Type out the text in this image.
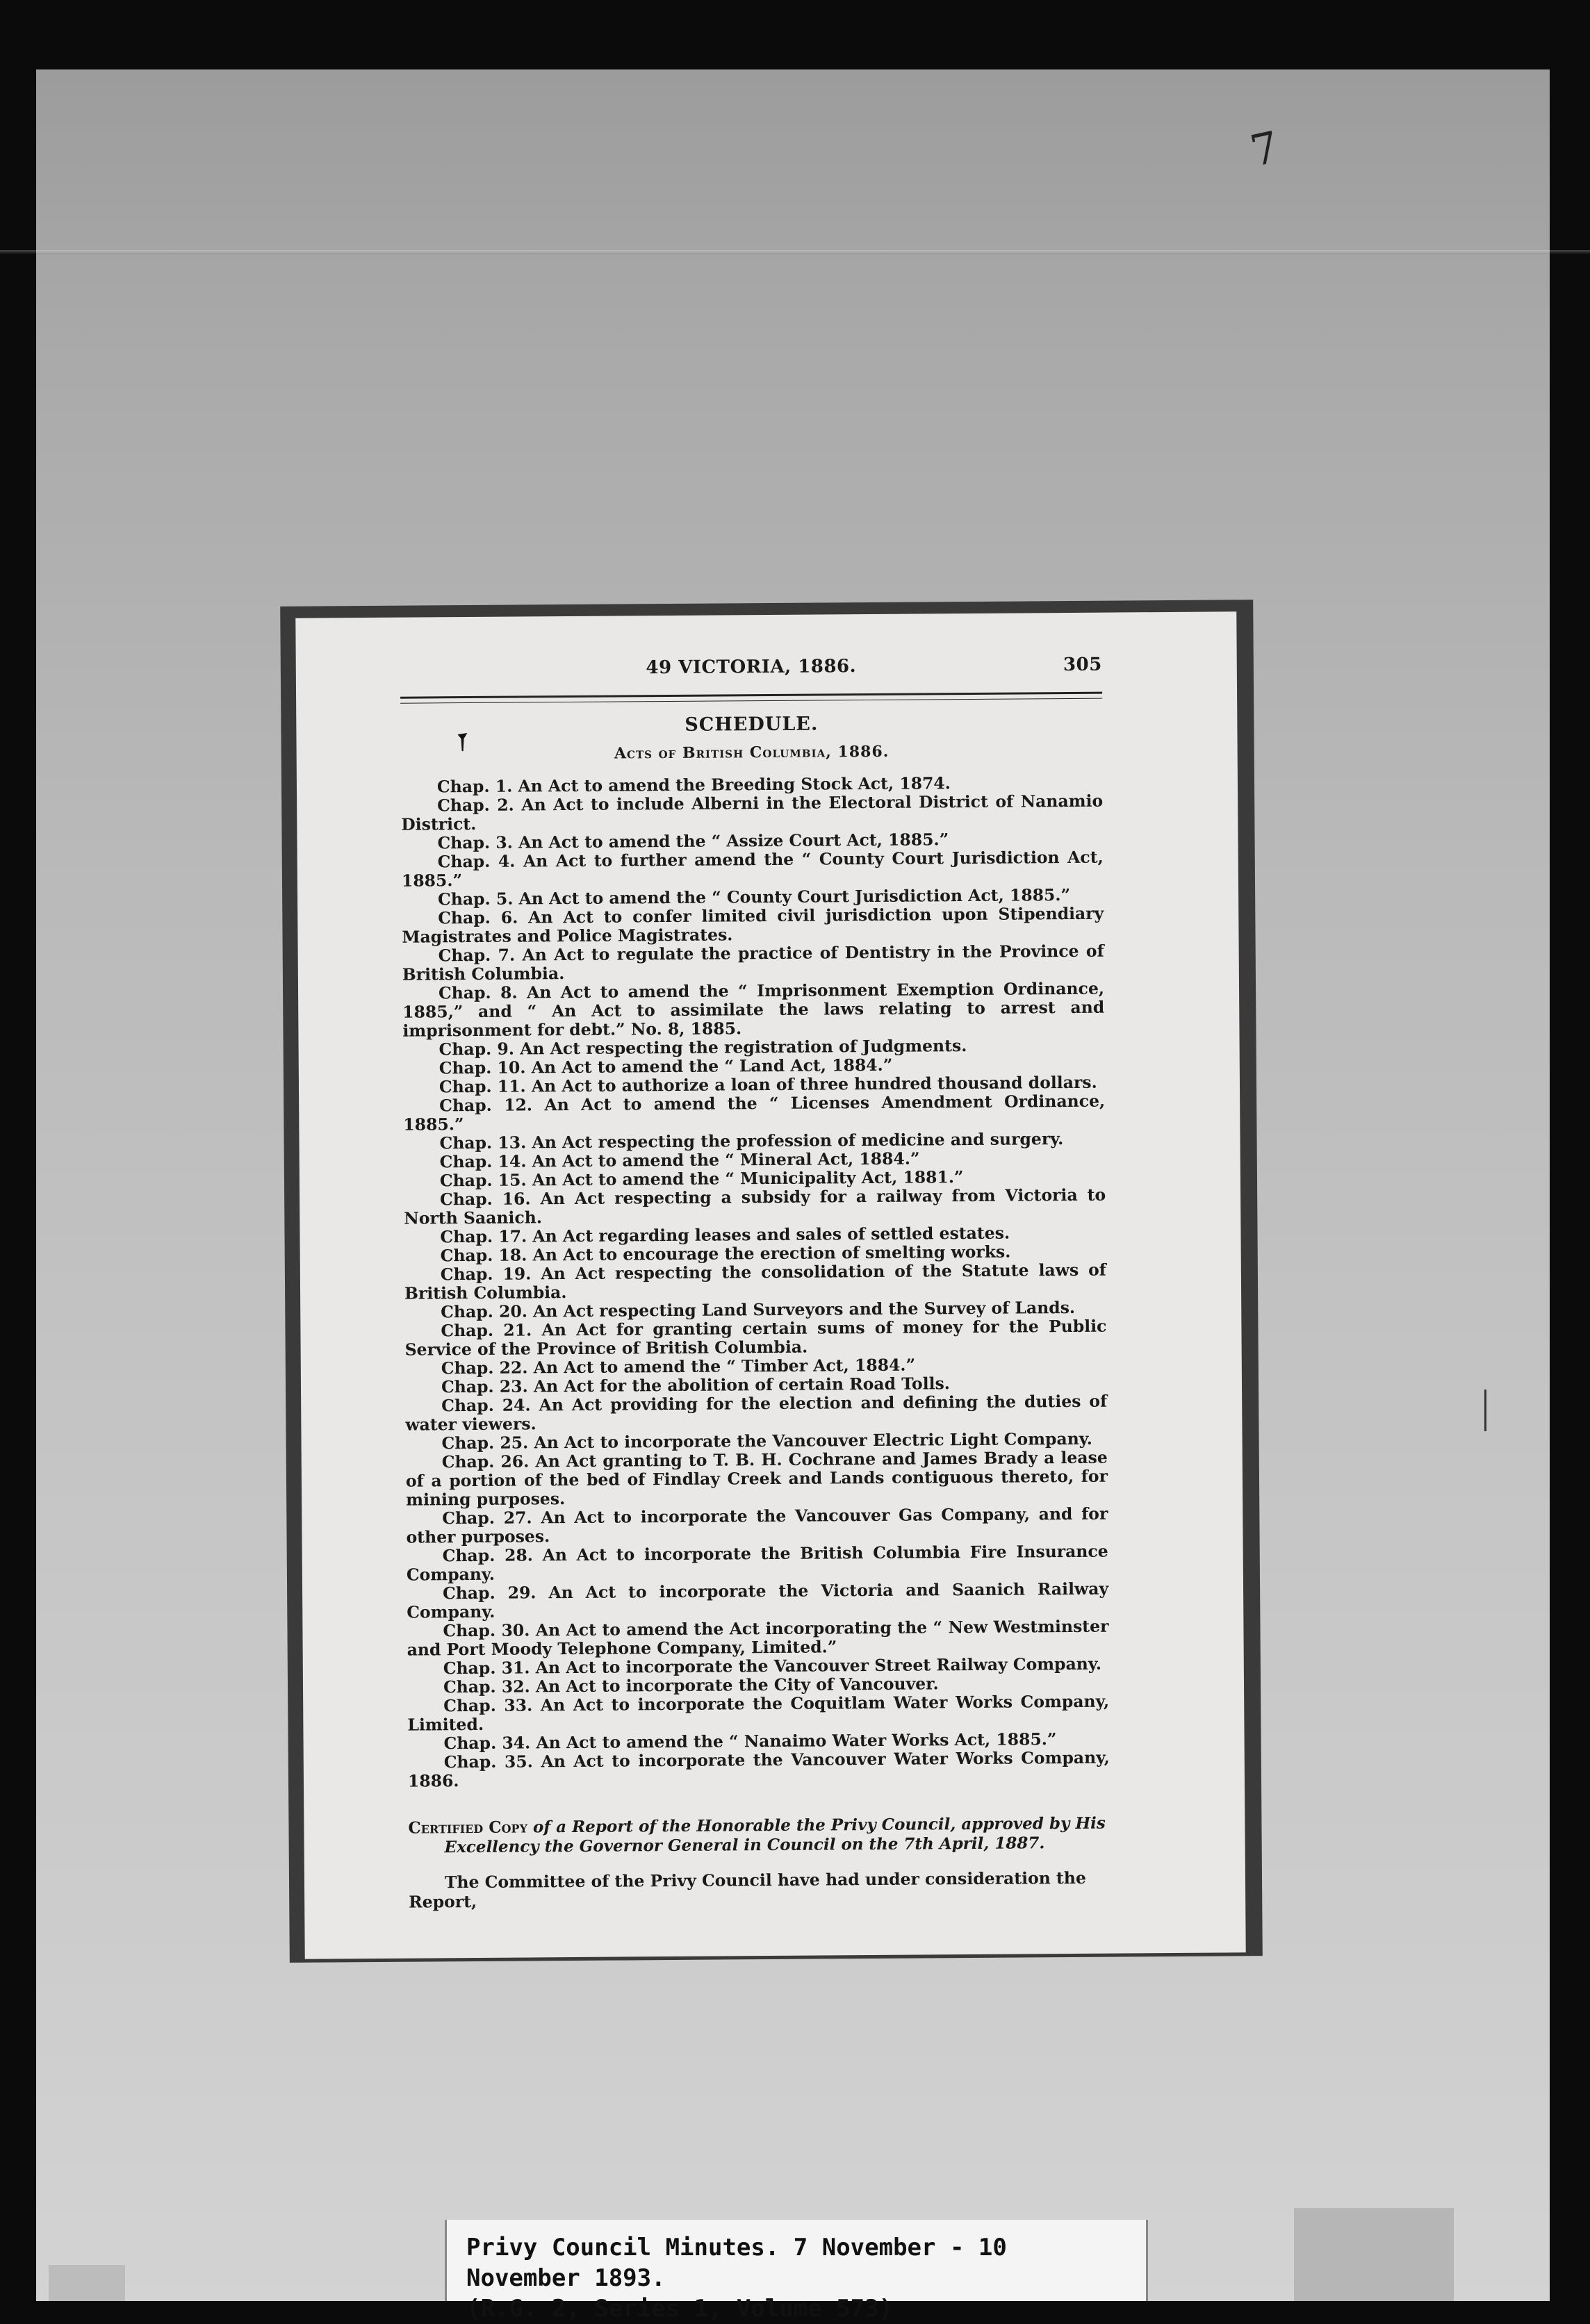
7
49 VICTORIA, 1886.	305
SCHEDULE.
Acts of British Columbia, 1886.
Chap. 1. An Act to amend the Breeding Stock Act, 1874.
Chap. 2. An Act to include Alberni in the Electoral District of Nanamio District.
Chap. 3. An Act to amend the “ Assize Court Act, 1885.”
Chap. 4. An Act to further amend the “ County Court Jurisdiction Act, 1885.”
Chap. 5. An Act to amend the “ County Court Jurisdiction Act, 1885.”
Chap. 6. An Act to confer limited civil jurisdiction upon Stipendiary Magistrates and Police Magistrates.
Chap. 7. An Act to regulate the practice of Dentistry in the Province of British Columbia.
Chap. 8. An Act to amend the “ Imprisonment Exemption Ordinance, 1885,” and “ An Act to assimilate the laws relating to arrest and imprisonment for debt.” No. 8, 1885.
Chap. 9. An Act respecting the registration of Judgments.
Chap. 10. An Act to amend the “ Land Act, 1884.”
Chap. 11. An Act to authorize a loan of three hundred thousand dollars.
Chap. 12. An Act to amend the “ Licenses Amendment Ordinance, 1885.”
Chap. 13. An Act respecting the profession of medicine and surgery.
Chap. 14. An Act to amend the “ Mineral Act, 1884.”
Chap. 15. An Act to amend the “ Municipality Act, 1881.”
Chap. 16. An Act respecting a subsidy for a railway from Victoria to North Saanich.
Chap. 17. An Act regarding leases and sales of settled estates.
Chap. 18. An Act to encourage the erection of smelting works.
Chap. 19. An Act respecting the consolidation of the Statute laws of British Columbia.
Chap. 20. An Act respecting Land Surveyors and the Survey of Lands.
Chap. 21. An Act for granting certain sums of money for the Public Service of the Province of British Columbia.
Chap. 22. An Act to amend the “ Timber Act, 1884.”
Chap. 23. An Act for the abolition of certain Road Tolls.
Chap. 24. An Act providing for the election and defining the duties of water viewers.
Chap. 25. An Act to incorporate the Vancouver Electric Light Company.
Chap. 26. An Act granting to T. B. H. Cochrane and James Brady a lease of a portion of the bed of Findlay Creek and Lands contiguous thereto, for mining purposes.
Chap. 27. An Act to incorporate the Vancouver Gas Company, and for other purposes.
Chap. 28. An Act to incorporate the British Columbia Fire Insurance Company.
Chap. 29. An Act to incorporate the Victoria and Saanich Railway Company.
Chap. 30. An Act to amend the Act incorporating the “ New Westminster and Port Moody Telephone Company, Limited.”
Chap. 31. An Act to incorporate the Vancouver Street Railway Company.
Chap. 32. An Act to incorporate the City of Vancouver.
Chap. 33. An Act to incorporate the Coquitlam Water Works Company, Limited.
Chap. 34. An Act to amend the “ Nanaimo Water Works Act, 1885.”
Chap. 35. An Act to incorporate the Vancouver Water Works Company, 1886.
Certified Copy of a Report of the Honorable the Privy Council, approved by His Excellency the Governor General in Council on the 7th April, 1887.
The Committee of the Privy Council have had under consideration the Report,
Privy Council Minutes. 7 November - 10 November 1893.
(R.G. 2, Series 1, Volume 573)
